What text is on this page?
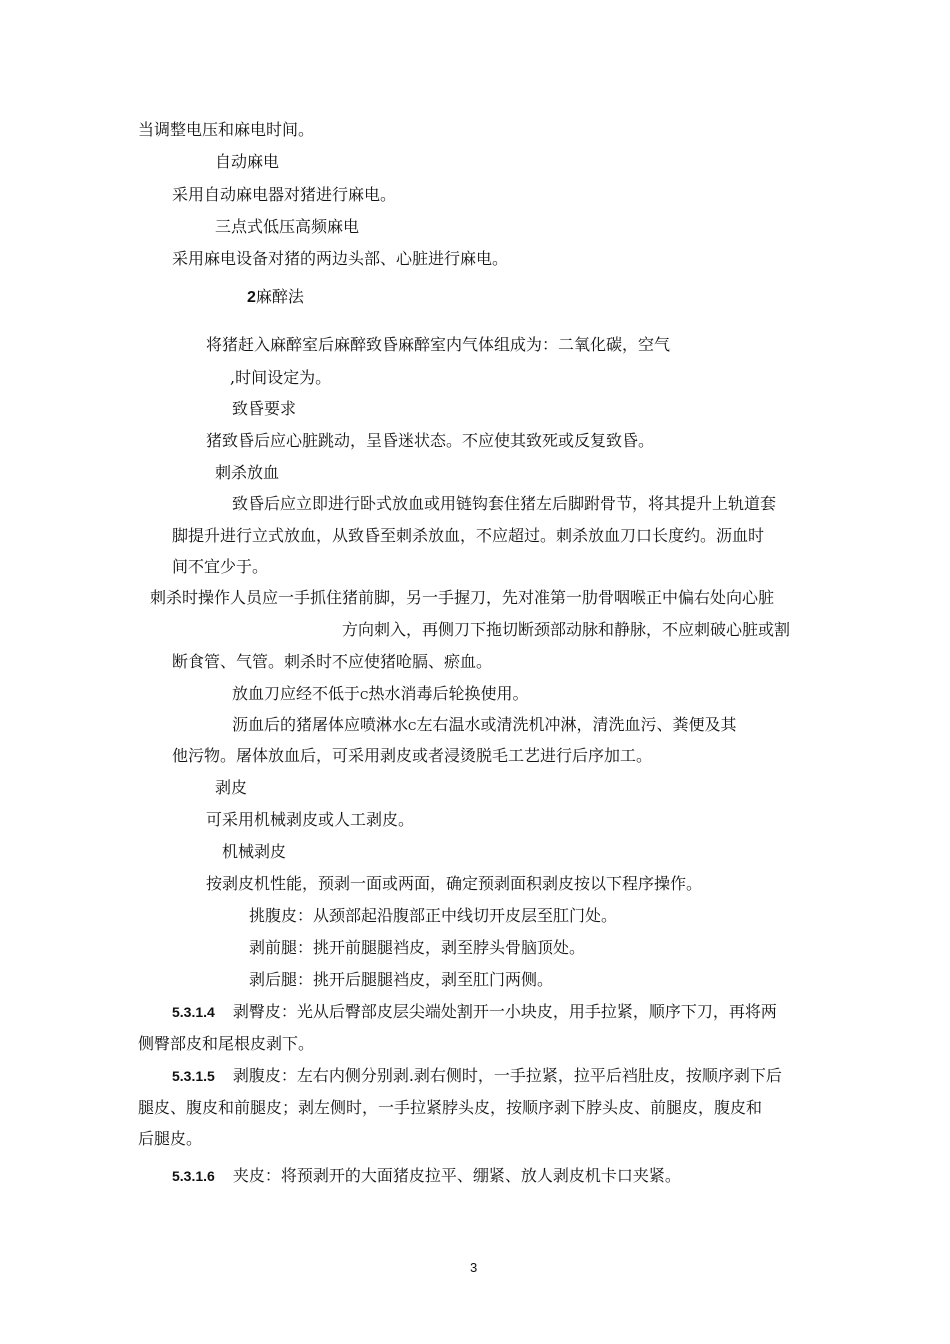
当调整电压和麻电时间。
自动麻电
采用自动麻电器对猪进行麻电。
三点式低压高频麻电
采用麻电设备对猪的两边头部、心脏进行麻电。
2麻醉法
将猪赶入麻醉室后麻醉致昏麻醉室内气体组成为：二氧化碳，空气
,时间设定为。
致昏要求
猪致昏后应心脏跳动，呈昏迷状态。不应使其致死或反复致昏。
刺杀放血
致昏后应立即进行卧式放血或用链钩套住猪左后脚跗骨节，将其提升上轨道套
脚提升进行立式放血，从致昏至刺杀放血，不应超过。刺杀放血刀口长度约。沥血时
间不宜少于。
刺杀时操作人员应一手抓住猪前脚，另一手握刀，先对准第一肋骨咽喉正中偏右处向心脏
方向刺入，再侧刀下拖切断颈部动脉和静脉，不应刺破心脏或割
断食管、气管。刺杀时不应使猪呛膈、瘀血。
放血刀应经不低于C热水消毒后轮换使用。
沥血后的猪屠体应喷淋水C左右温水或清洗机冲淋，清洗血污、粪便及其
他污物。屠体放血后，可采用剥皮或者浸烫脱毛工艺进行后序加工。
剥皮
可采用机械剥皮或人工剥皮。
机械剥皮
按剥皮机性能，预剥一面或两面，确定预剥面积剥皮按以下程序操作。
挑腹皮：从颈部起沿腹部正中线切开皮层至肛门处。
剥前腿：挑开前腿腿裆皮，剥至脖头骨脑顶处。
剥后腿：挑开后腿腿裆皮，剥至肛门两侧。
5.3.1.4 剥臀皮：光从后臀部皮层尖端处割开一小块皮，用手拉紧，顺序下刀，再将两
侧臀部皮和尾根皮剥下。
5.3.1.5 剥腹皮：左右内侧分别剥.剥右侧时，一手拉紧，拉平后裆肚皮，按顺序剥下后
腿皮、腹皮和前腿皮；剥左侧时，一手拉紧脖头皮，按顺序剥下脖头皮、前腿皮，腹皮和
后腿皮。
5.3.1.6 夹皮：将预剥开的大面猪皮拉平、绷紧、放人剥皮机卡口夹紧。
3
